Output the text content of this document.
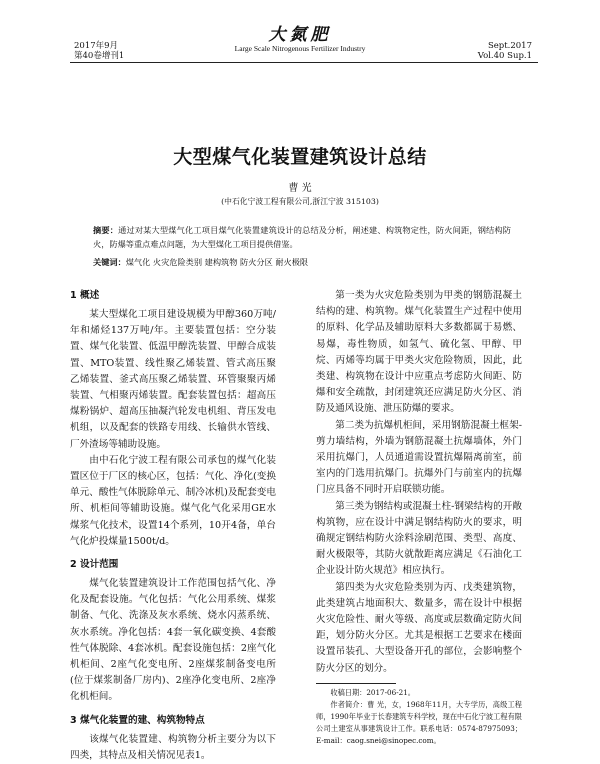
2017年9月
第40卷增刊1
大氮肥
Large Scale Nitrogenous Fertilizer Industry	Sept.2017
Vol.40 Sup.1
大型煤气化装置建筑设计总结
曹 光
(中石化宁波工程有限公司,浙江宁波 315103)
摘要：通过对某大型煤气化工项目煤气化装置建筑设计的总结及分析，阐述建、构筑物定性，防火间距，钢结构防火，防爆等重点难点问题，为大型煤化工项目提供借鉴。
关键词：煤气化 火灾危险类别 建构筑物 防火分区 耐火极限
1 概述

某大型煤化工项目建设规模为甲醇360万吨/年和烯烃137万吨/年。主要装置包括：空分装置、煤气化装置、低温甲醇洗装置、甲醇合成装置、MTO装置、线性聚乙烯装置、管式高压聚乙烯装置、釜式高压聚乙烯装置、环管聚聚丙烯装置、气相聚丙烯装置。配套装置包括：超高压煤粉锅炉、超高压抽凝汽轮发电机组、背压发电机组，以及配套的铁路专用线、长输供水管线、厂外渣场等辅助设施。

由中石化宁波工程有限公司承包的煤气化装置区位于厂区的核心区，包括：气化、净化(变换单元、酸性气体脱除单元、制冷冰机)及配套变电所、机柜间等辅助设施。煤气化气化采用GE水煤浆气化技术，设置14个系列，10开4备，单台气化炉投煤量1500t/d。

2 设计范围

煤气化装置建筑设计工作范围包括气化、净化及配套设施。气化包括：气化公用系统、煤浆制备、气化、洗涤及灰水系统、烧水闪蒸系统、灰水系统。净化包括：4套一氧化碳变换、4套酸性气体脱除、4套冰机。配套设施包括：2座气化机柜间、2座气化变电所、2座煤浆制备变电所(位于煤浆制备厂房内)、2座净化变电所、2座净化机柜间。

3 煤气化装置的建、构筑物特点

该煤气化装置建、构筑物分析主要分为以下四类，其特点及相关情况见表1。

第一类为火灾危险类别为甲类的钢筋混凝土结构的建、构筑物。煤气化装置生产过程中使用的原料、化学品及辅助原料大多数都属于易燃、易爆，毒性物质，如氢气、硫化氢、甲醇、甲烷、丙烯等均属于甲类火灾危险物质，因此，此类建、构筑物在设计中应重点考虑防火间距、防爆和安全疏散，封闭建筑还应满足防火分区、消防及通风设施、泄压防爆的要求。

第二类为抗爆机柜间，采用钢筋混凝土框架-剪力墙结构，外墙为钢筋混凝土抗爆墙体，外门采用抗爆门，人员通道需设置抗爆隔离前室，前室内的门选用抗爆门。抗爆外门与前室内的抗爆门应具备不同时开启联锁功能。

第三类为钢结构或混凝土柱-钢梁结构的开敞构筑物，应在设计中满足钢结构防火的要求，明确规定钢结构防火涂料涂刷范围、类型、高度、耐火极限等，其防火就散距离应满足《石油化工企业设计防火规范》相应执行。

第四类为火灾危险类别为丙、戊类建筑物，此类建筑占地面积大、数量多，需在设计中根据火灾危险性、耐火等级、高度或层数确定防火间距，划分防火分区。尤其是根据工艺要求在楼面设置吊装孔、大型设备开孔的部位，会影响整个防火分区的划分。

收稿日期：2017-06-21。
作者简介：曹 光，女，1968年11月，大专学历，高级工程师，1990年毕业于长春建筑专科学校，现在中石化宁波工程有限公司土建室从事建筑设计工作。联系电话：0574-87975093；E-mail：caog.snei@sinopec.com。
